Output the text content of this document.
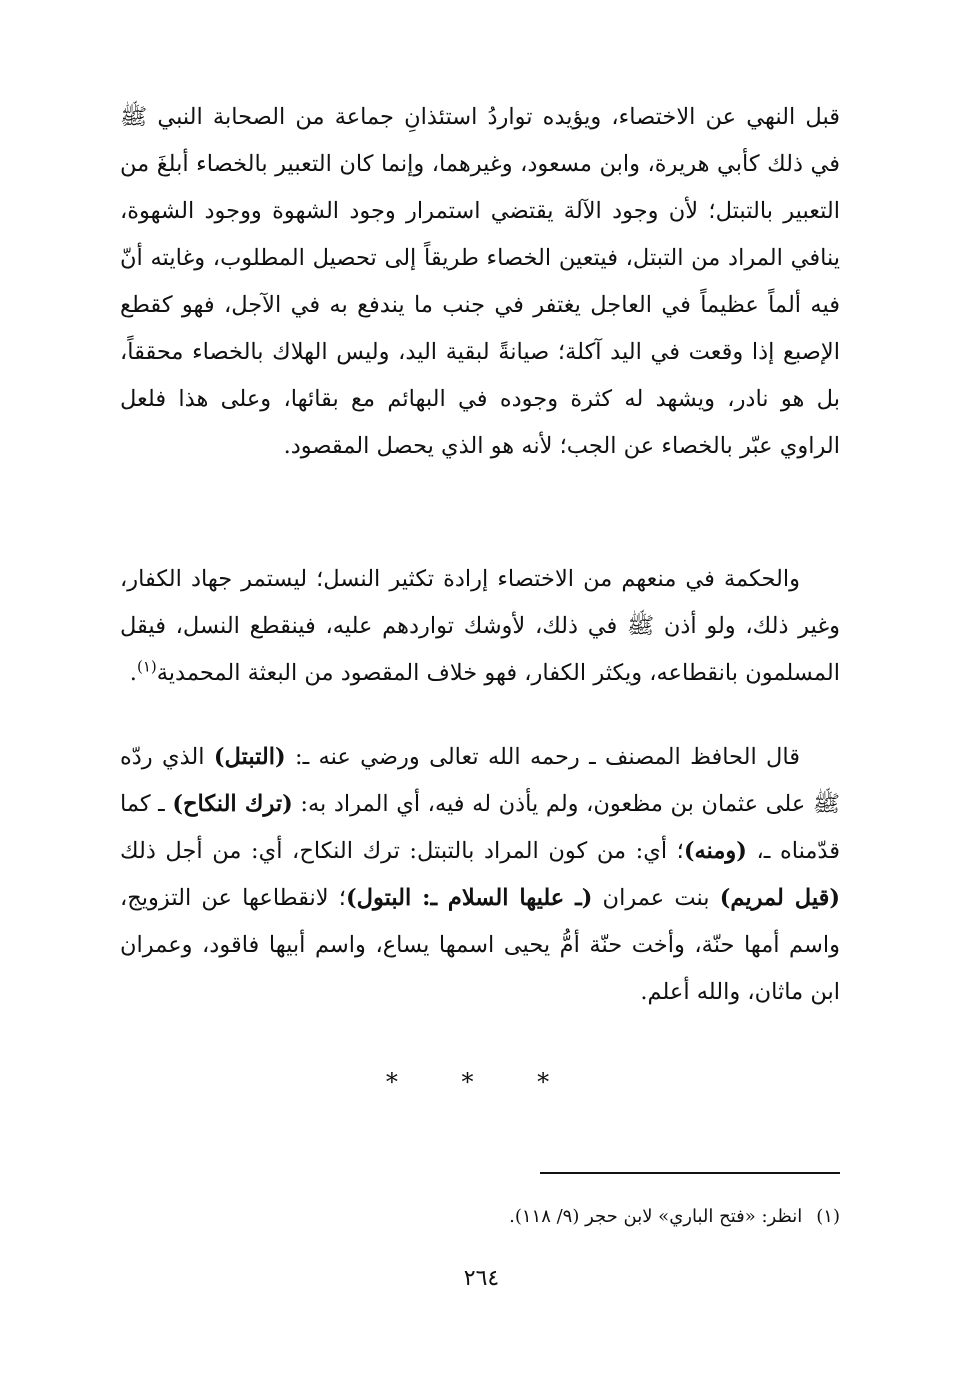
قبل النهي عن الاختصاء، ويؤيده تواردُ استئذانِ جماعة من الصحابة النبي ﷺ في ذلك كأبي هريرة، وابن مسعود، وغيرهما، وإنما كان التعبير بالخصاء أبلغَ من التعبير بالتبتل؛ لأن وجود الآلة يقتضي استمرار وجود الشهوة ووجود الشهوة، ينافي المراد من التبتل، فيتعين الخصاء طريقاً إلى تحصيل المطلوب، وغايته أنّ فيه ألماً عظيماً في العاجل يغتفر في جنب ما يندفع به في الآجل، فهو كقطع الإصبع إذا وقعت في اليد آكلة؛ صيانةً لبقية اليد، وليس الهلاك بالخصاء محققاً، بل هو نادر، ويشهد له كثرة وجوده في البهائم مع بقائها، وعلى هذا فلعل الراوي عبّر بالخصاء عن الجب؛ لأنه هو الذي يحصل المقصود.

والحكمة في منعهم من الاختصاء إرادة تكثير النسل؛ ليستمر جهاد الكفار، وغير ذلك، ولو أذن ﷺ في ذلك، لأوشك تواردهم عليه، فينقطع النسل، فيقل المسلمون بانقطاعه، ويكثر الكفار، فهو خلاف المقصود من البعثة المحمدية$^{(١)}$.

قال الحافظ المصنف ـ رحمه الله تعالى ورضي عنه ـ: (التبتل) الذي ردّه ﷺ على عثمان بن مظعون، ولم يأذن له فيه، أي المراد به: (ترك النكاح) ـ كما قدّمناه ـ، (ومنه)؛ أي: من كون المراد بالتبتل: ترك النكاح، أي: من أجل ذلك (قيل لمريم) بنت عمران (ـ عليها السلام ـ: البتول)؛ لانقطاعها عن التزويج، واسم أمها حنّة، وأخت حنّة أمُّ يحيى اسمها يساع، واسم أبيها فاقود، وعمران ابن ماثان، والله أعلم.

* * *
(١)انظر: «فتح الباري» لابن حجر (٩/ ١١٨).
٢٦٤
